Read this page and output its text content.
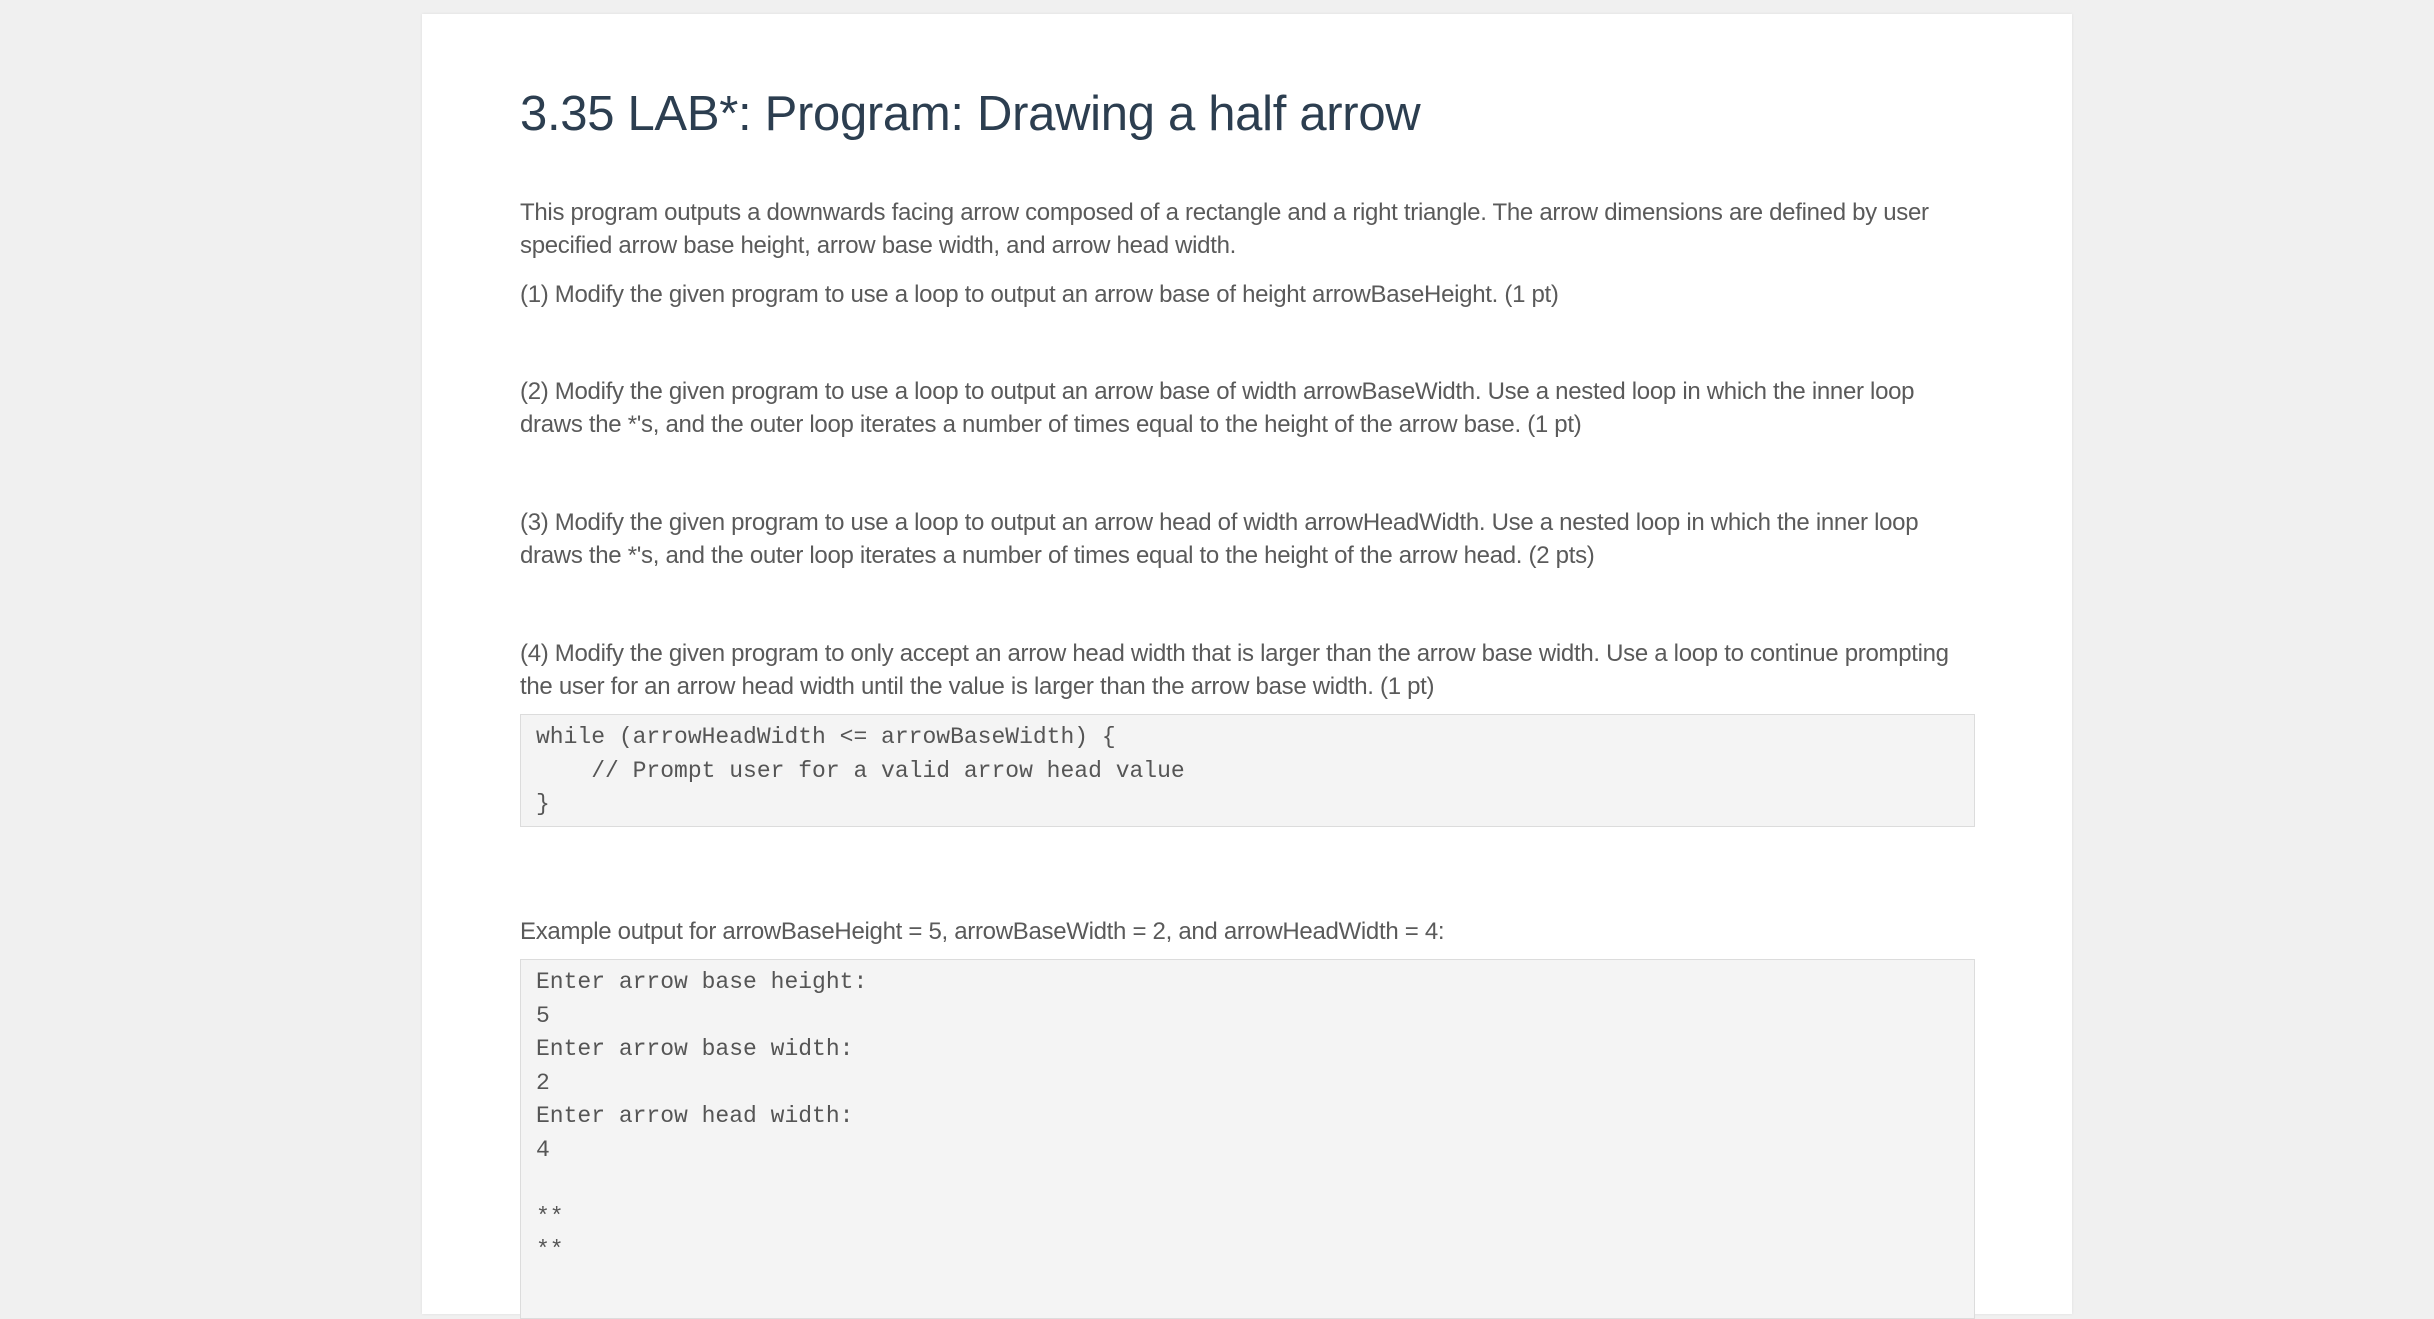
3.35 LAB*: Program: Drawing a half arrow

This program outputs a downwards facing arrow composed of a rectangle and a right triangle. The arrow dimensions are defined by user specified arrow base height, arrow base width, and arrow head width.

(1) Modify the given program to use a loop to output an arrow base of height arrowBaseHeight. (1 pt)

(2) Modify the given program to use a loop to output an arrow base of width arrowBaseWidth. Use a nested loop in which the inner loop draws the *'s, and the outer loop iterates a number of times equal to the height of the arrow base. (1 pt)

(3) Modify the given program to use a loop to output an arrow head of width arrowHeadWidth. Use a nested loop in which the inner loop draws the *'s, and the outer loop iterates a number of times equal to the height of the arrow head. (2 pts)

(4) Modify the given program to only accept an arrow head width that is larger than the arrow base width. Use a loop to continue prompting the user for an arrow head width until the value is larger than the arrow base width. (1 pt)

while (arrowHeadWidth <= arrowBaseWidth) {
// Prompt user for a valid arrow head value
}

Example output for arrowBaseHeight = 5, arrowBaseWidth = 2, and arrowHeadWidth = 4:

Enter arrow base height:
5
Enter arrow base width:
2
Enter arrow head width:
4
**
**
